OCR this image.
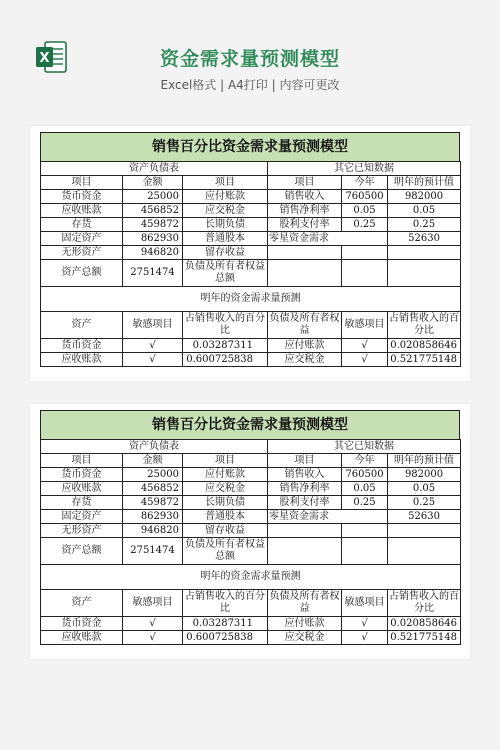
X	资金需求量预测模型
Excel格式 | A4打印 | 内容可更改
销售百分比资金需求量预测模型
资产负债表			其它已知数据		
项目	金额	项目	项目	今年	明年的预计值
货币资金	25000	应付账款	销售收入	760500	982000
应收账款	456852	应交税金	销售净利率	0.05	0.05
存货	459872	长期负债	股利支付率	0.25	0.25
固定资产	862930	普通股本	零星资金需求		52630
无形资产	946820	留存收益			
资产总额	2751474	负债及所有者权益总额			
明年的资金需求量预测					
资产	敏感项目	占销售收入的百分比	负债及所有者权益	敏感项目	占销售收入的百分比
货币资金	√	0.03287311	应付账款	√	0.020858646
应收账款	√	0.600725838	应交税金	√	0.521775148
销售百分比资金需求量预测模型
资产负债表			其它已知数据		
项目	金额	项目	项目	今年	明年的预计值
货币资金	25000	应付账款	销售收入	760500	982000
应收账款	456852	应交税金	销售净利率	0.05	0.05
存货	459872	长期负债	股利支付率	0.25	0.25
固定资产	862930	普通股本	零星资金需求		52630
无形资产	946820	留存收益			
资产总额	2751474	负债及所有者权益总额			
明年的资金需求量预测					
资产	敏感项目	占销售收入的百分比	负债及所有者权益	敏感项目	占销售收入的百分比
货币资金	√	0.03287311	应付账款	√	0.020858646
应收账款	√	0.600725838	应交税金	√	0.521775148
